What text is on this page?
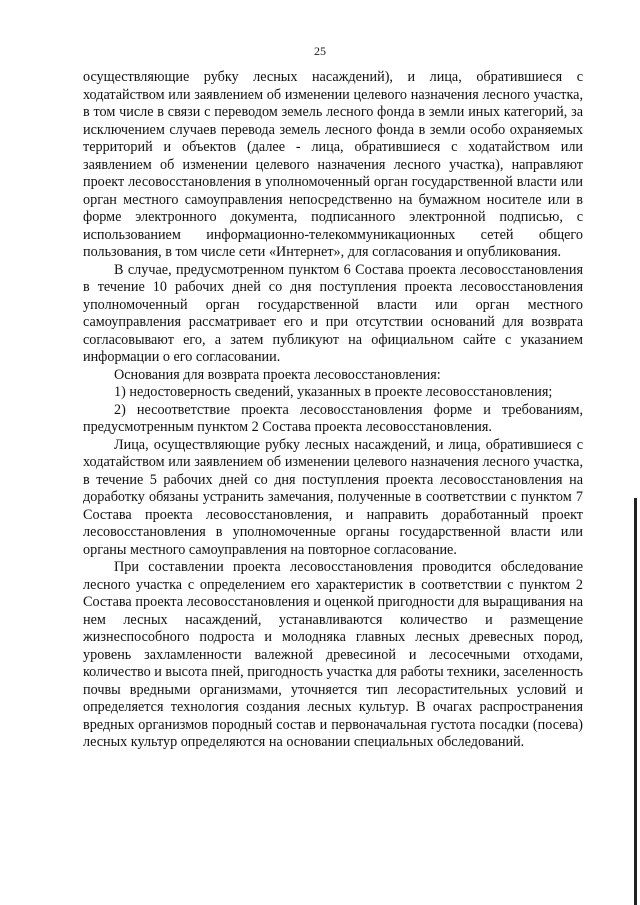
25

осуществляющие рубку лесных насаждений), и лица, обратившиеся с ходатайством или заявлением об изменении целевого назначения лесного участка, в том числе в связи с переводом земель лесного фонда в земли иных категорий, за исключением случаев перевода земель лесного фонда в земли особо охраняемых территорий и объектов (далее - лица, обратившиеся с ходатайством или заявлением об изменении целевого назначения лесного участка), направляют проект лесовосстановления в уполномоченный орган государственной власти или орган местного самоуправления непосредственно на бумажном носителе или в форме электронного документа, подписанного электронной подписью, с использованием информационно-телекоммуникационных сетей общего пользования, в том числе сети «Интернет», для согласования и опубликования.

В случае, предусмотренном пунктом 6 Состава проекта лесовосстановления в течение 10 рабочих дней со дня поступления проекта лесовосстановления уполномоченный орган государственной власти или орган местного самоуправления рассматривает его и при отсутствии оснований для возврата согласовывают его, а затем публикуют на официальном сайте с указанием информации о его согласовании.

Основания для возврата проекта лесовосстановления:

1) недостоверность сведений, указанных в проекте лесовосстановления;

2) несоответствие проекта лесовосстановления форме и требованиям, предусмотренным пунктом 2 Состава проекта лесовосстановления.

Лица, осуществляющие рубку лесных насаждений, и лица, обратившиеся с ходатайством или заявлением об изменении целевого назначения лесного участка, в течение 5 рабочих дней со дня поступления проекта лесовосстановления на доработку обязаны устранить замечания, полученные в соответствии с пунктом 7 Состава проекта лесовосстановления, и направить доработанный проект лесовосстановления в уполномоченные органы государственной власти или органы местного самоуправления на повторное согласование.

При составлении проекта лесовосстановления проводится обследование лесного участка с определением его характеристик в соответствии с пунктом 2 Состава проекта лесовосстановления и оценкой пригодности для выращивания на нем лесных насаждений, устанавливаются количество и размещение жизнеспособного подроста и молодняка главных лесных древесных пород, уровень захламленности валежной древесиной и лесосечными отходами, количество и высота пней, пригодность участка для работы техники, заселенность почвы вредными организмами, уточняется тип лесорастительных условий и определяется технология создания лесных культур. В очагах распространения вредных организмов породный состав и первоначальная густота посадки (посева) лесных культур определяются на основании специальных обследований.
